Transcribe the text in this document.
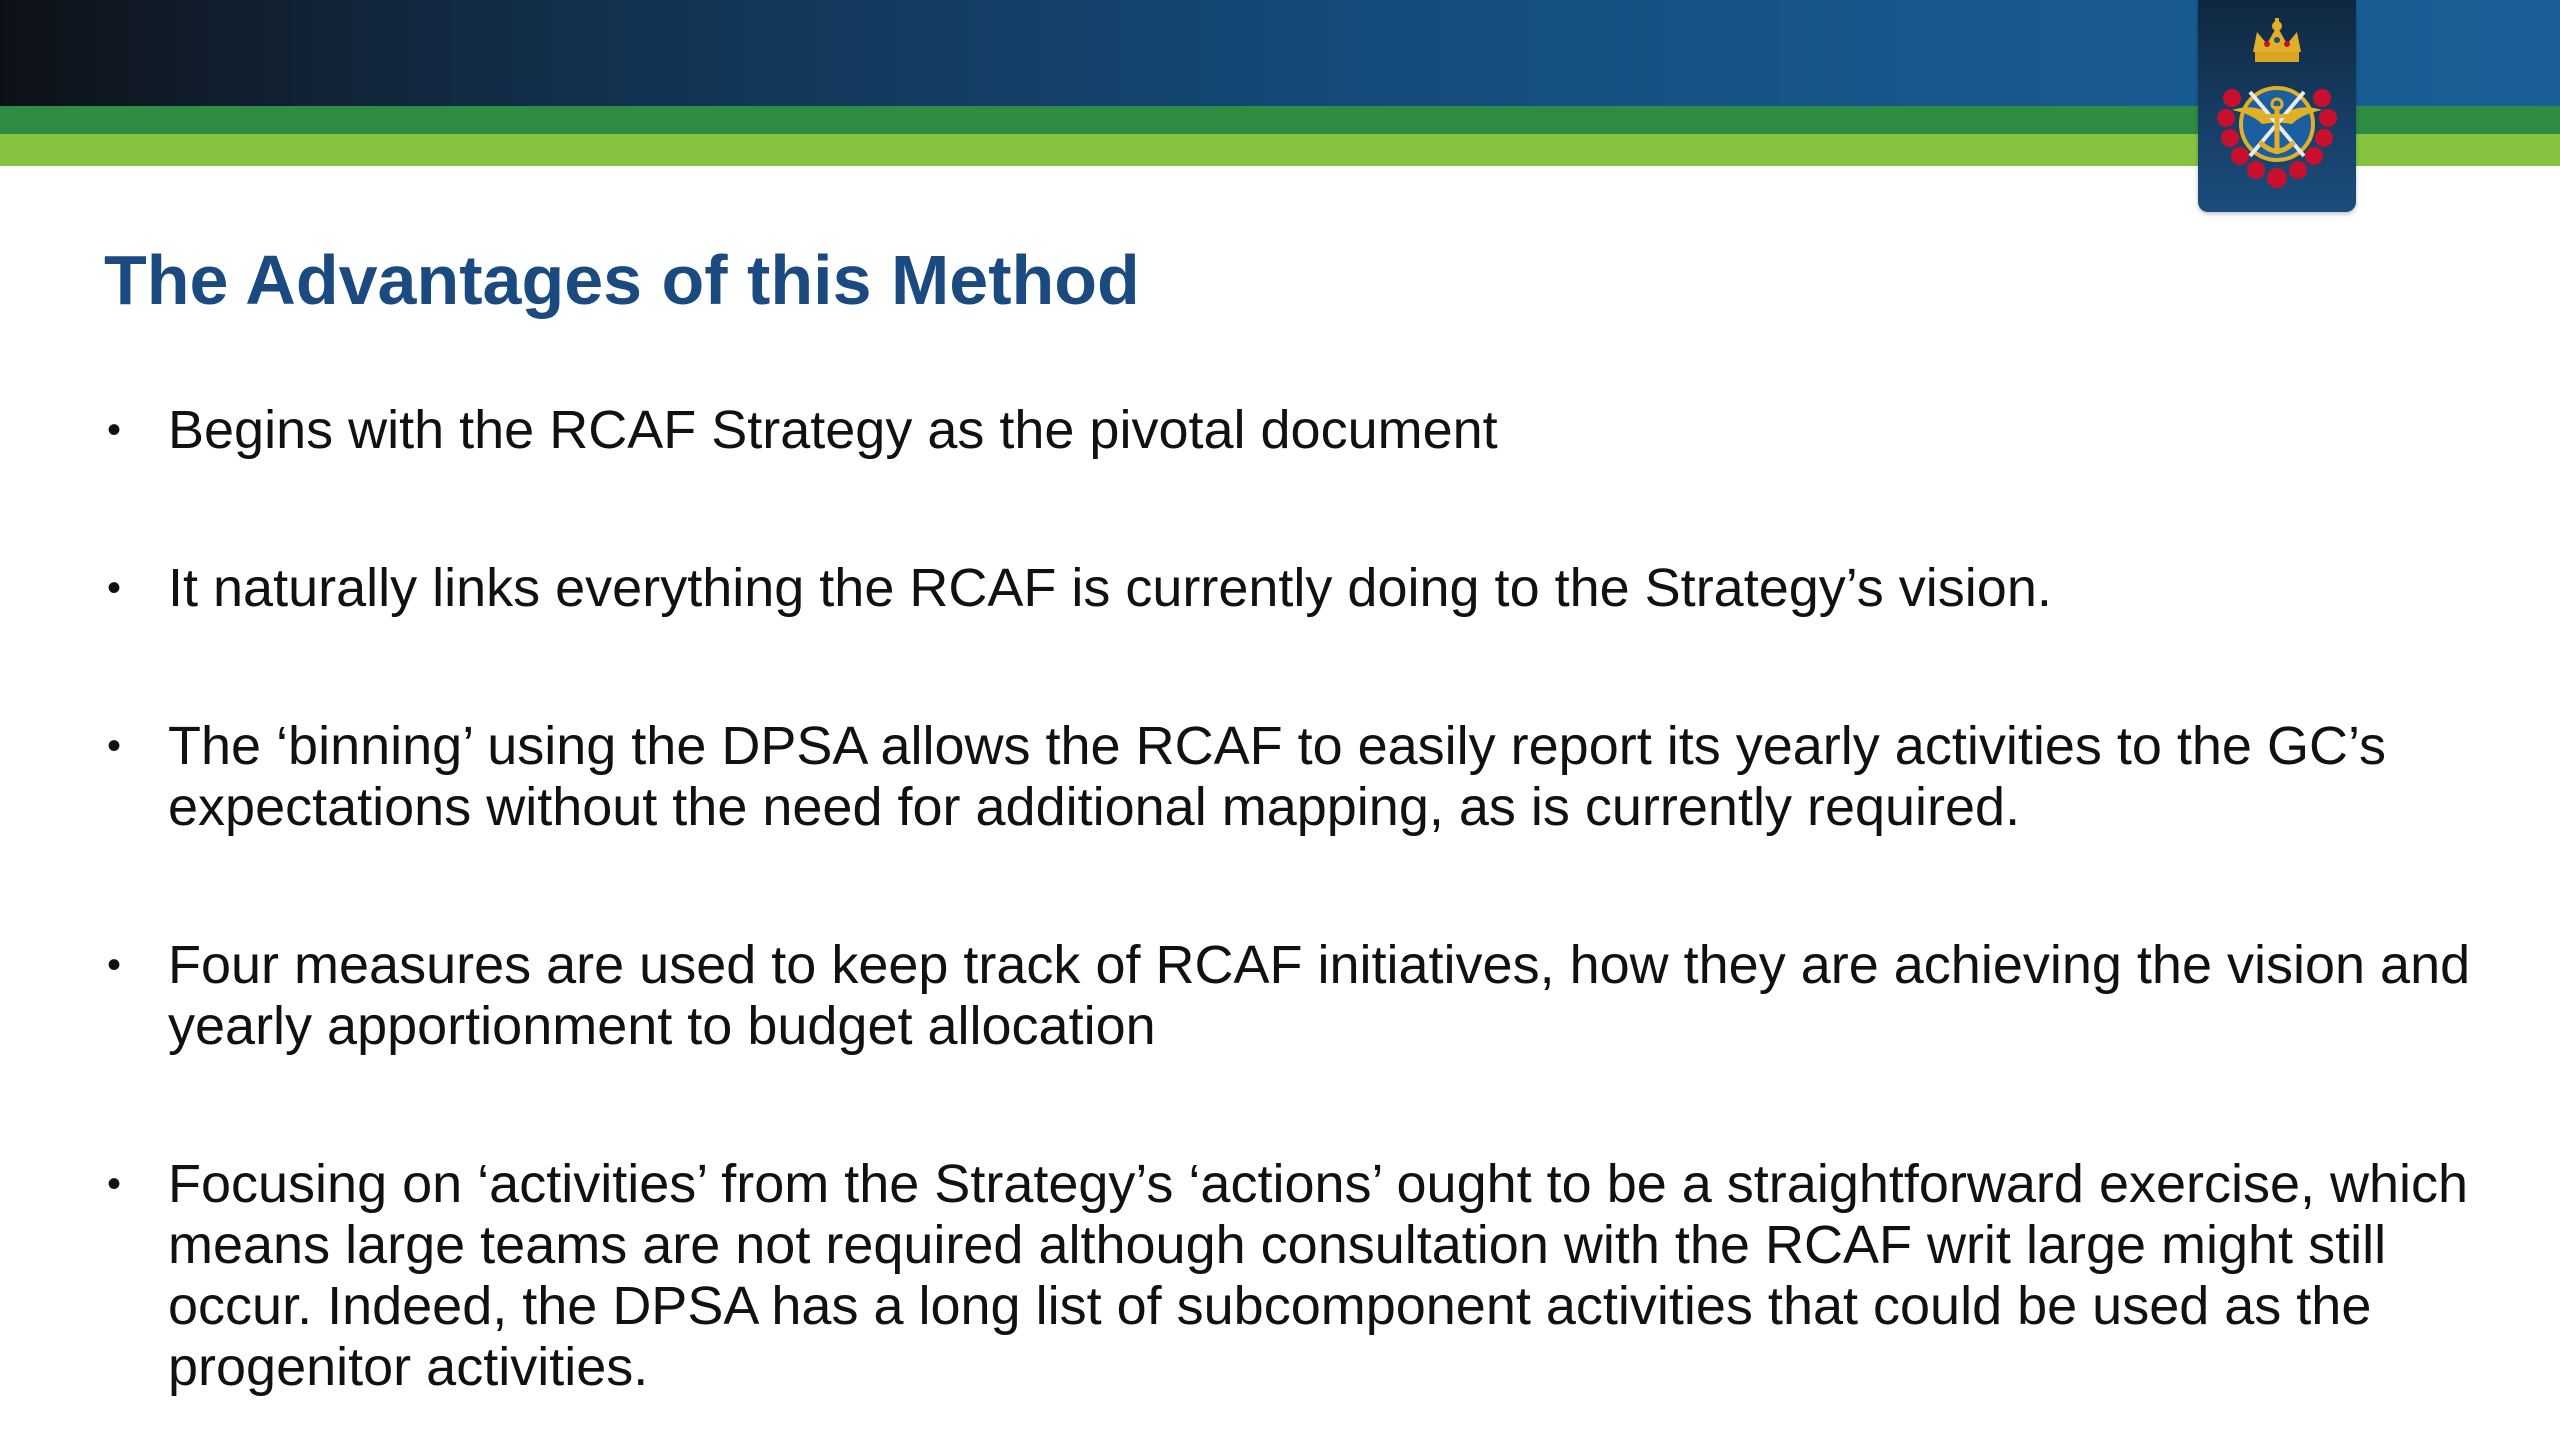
The Advantages of this Method
• Begins with the RCAF Strategy as the pivotal document
• It naturally links everything the RCAF is currently doing to the Strategy’s vision.
• The ‘binning’ using the DPSA allows the RCAF to easily report its yearly activities to the GC’s expectations without the need for additional mapping, as is currently required.
• Four measures are used to keep track of RCAF initiatives, how they are achieving the vision and yearly apportionment to budget allocation
• Focusing on ‘activities’ from the Strategy’s ‘actions’ ought to be a straightforward exercise, which means large teams are not required although consultation with the RCAF writ large might still occur. Indeed, the DPSA has a long list of subcomponent activities that could be used as the progenitor activities.
